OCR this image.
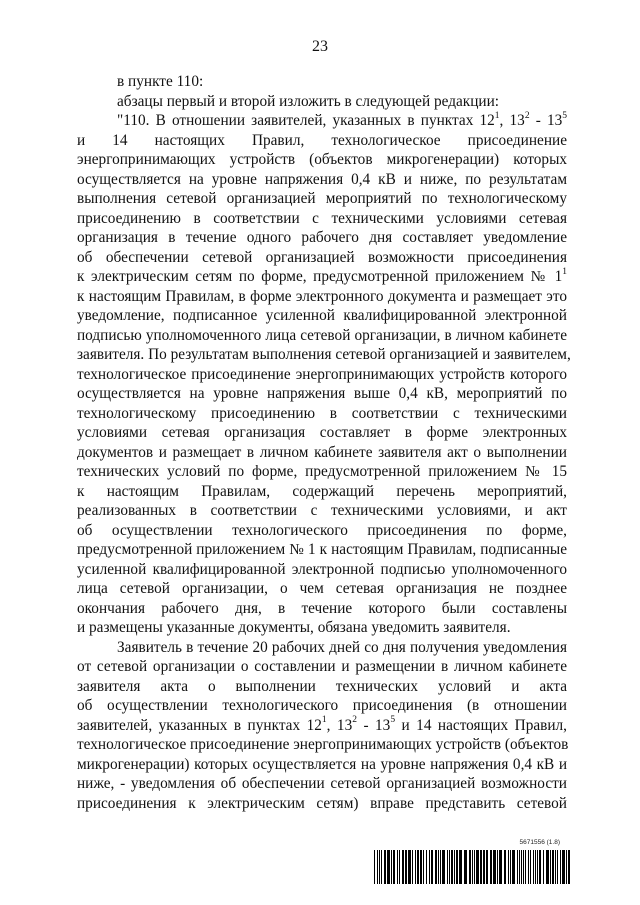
23
в пункте 110:
абзацы первый и второй изложить в следующей редакции:
"110. В отношении заявителей, указанных в пунктах $12^1$, $13^2 - 13^5$
и 14 настоящих Правил, технологическое присоединение
энергопринимающих устройств (объектов микрогенерации) которых
осуществляется на уровне напряжения 0,4 кВ и ниже, по результатам
выполнения сетевой организацией мероприятий по технологическому
присоединению в соответствии с техническими условиями сетевая
организация в течение одного рабочего дня составляет уведомление
об обеспечении сетевой организацией возможности присоединения
к электрическим сетям по форме, предусмотренной приложением № $1^1$
к настоящим Правилам, в форме электронного документа и размещает это
уведомление, подписанное усиленной квалифицированной электронной
подписью уполномоченного лица сетевой организации, в личном кабинете
заявителя. По результатам выполнения сетевой организацией и заявителем,
технологическое присоединение энергопринимающих устройств которого
осуществляется на уровне напряжения выше 0,4 кВ, мероприятий по
технологическому присоединению в соответствии с техническими
условиями сетевая организация составляет в форме электронных
документов и размещает в личном кабинете заявителя акт о выполнении
технических условий по форме, предусмотренной приложением № 15
к настоящим Правилам, содержащий перечень мероприятий,
реализованных в соответствии с техническими условиями, и акт
об осуществлении технологического присоединения по форме,
предусмотренной приложением № 1 к настоящим Правилам, подписанные
усиленной квалифицированной электронной подписью уполномоченного
лица сетевой организации, о чем сетевая организация не позднее
окончания рабочего дня, в течение которого были составлены
и размещены указанные документы, обязана уведомить заявителя.
Заявитель в течение 20 рабочих дней со дня получения уведомления
от сетевой организации о составлении и размещении в личном кабинете
заявителя акта о выполнении технических условий и акта
об осуществлении технологического присоединения (в отношении
заявителей, указанных в пунктах $12^1$, $13^2 - 13^5$ и 14 настоящих Правил,
технологическое присоединение энергопринимающих устройств (объектов
микрогенерации) которых осуществляется на уровне напряжения 0,4 кВ и
ниже, - уведомления об обеспечении сетевой организацией возможности
присоединения к электрическим сетям) вправе представить сетевой
5671556 (1.8)
